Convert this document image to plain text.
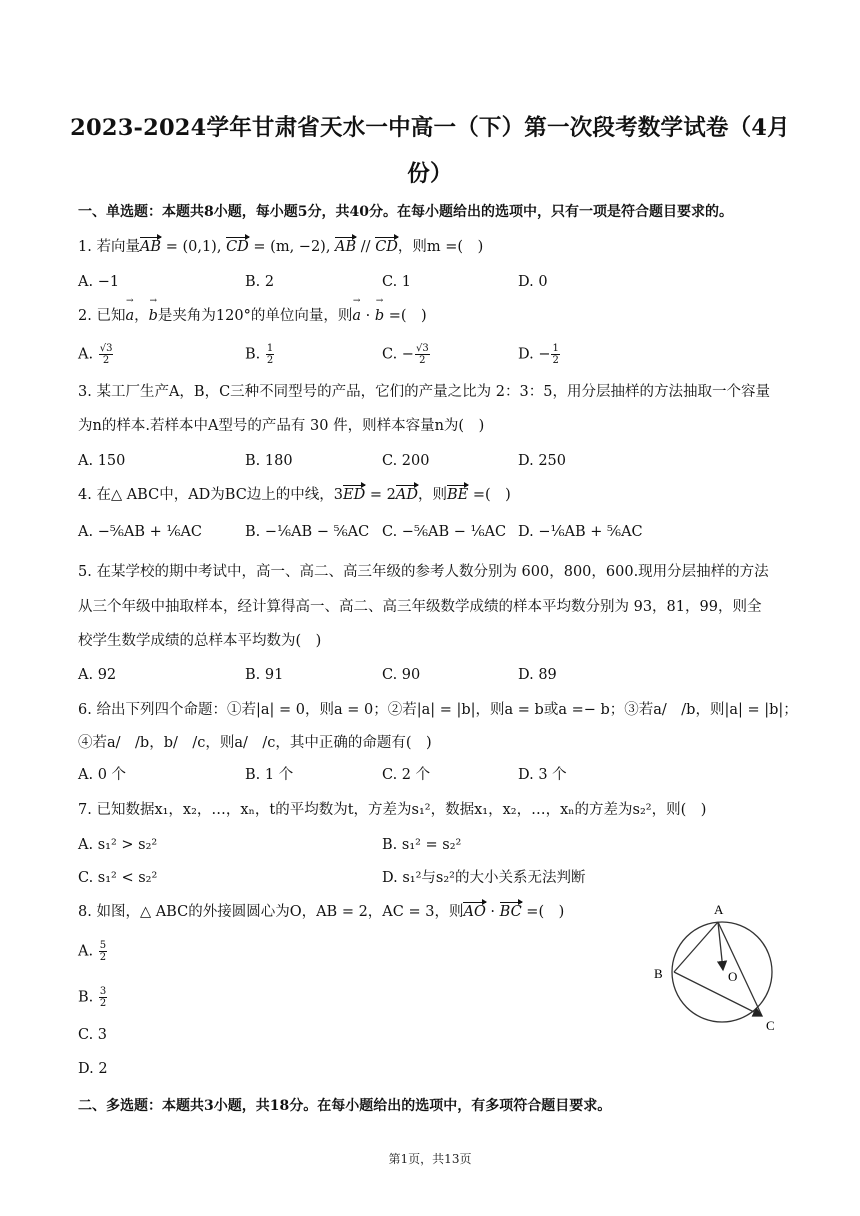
2023-2024学年甘肃省天水一中高一（下）第一次段考数学试卷（4月
份）
一、单选题：本题共8小题，每小题5分，共40分。在每小题给出的选项中，只有一项是符合题目要求的。
1. 若向量AB = (0,1), CD = (m, −2), AB // CD，则m =(　)
A. −1	B. 2	C. 1	D. 0
2. 已知→ a，→ b是夹角为120°的单位向量，则→ a · → b =(　)
A. $\frac{√3}{2}$	B. $\frac{1}{2}$	C. − $\frac{√3}{2}$	D. − $\frac{1}{2}$
3. 某工厂生产A，B，C三种不同型号的产品，它们的产量之比为 2：3：5，用分层抽样的方法抽取一个容量
为n的样本.若样本中A型号的产品有 30 件，则样本容量n为(　)
A. 150	B. 180	C. 200	D. 250
4. 在△ ABC中，AD为BC边上的中线，3ED = 2AD，则BE =(　)
A. −⅚AB + ⅙AC	B. −⅙AB − ⅚AC C. −⅚AB − ⅙AC D. −⅙AB + ⅚AC
5. 在某学校的期中考试中，高一、高二、高三年级的参考人数分别为 600，800，600.现用分层抽样的方法
从三个年级中抽取样本，经计算得高一、高二、高三年级数学成绩的样本平均数分别为 93，81，99，则全
校学生数学成绩的总样本平均数为(　)
A. 92	B. 91	C. 90	D. 89
6. 给出下列四个命题：①若|a| = 0，则a = 0；②若|a| = |b|，则a = b或a =− b；③若a/　/b，则|a| = |b|；
④若a/　/b，b/　/c，则a/　/c，其中正确的命题有(　)
A. 0 个	B. 1 个	C. 2 个	D. 3 个
7. 已知数据x₁，x₂，…，xₙ，t的平均数为t，方差为s₁²，数据x₁，x₂，…，xₙ的方差为s₂²，则(　)
A. s₁² > s₂²	B. s₁² = s₂²
C. s₁² < s₂²	D. s₁²与s₂²的大小关系无法判断
8. 如图，△ ABC的外接圆圆心为O，AB = 2，AC = 3，则AO · BC =(　)
A. $\frac{5}{2}$
B. $\frac{3}{2}$
C. 3
D. 2
A
B
C
O
二、多选题：本题共3小题，共18分。在每小题给出的选项中，有多项符合题目要求。
第1页，共13页
